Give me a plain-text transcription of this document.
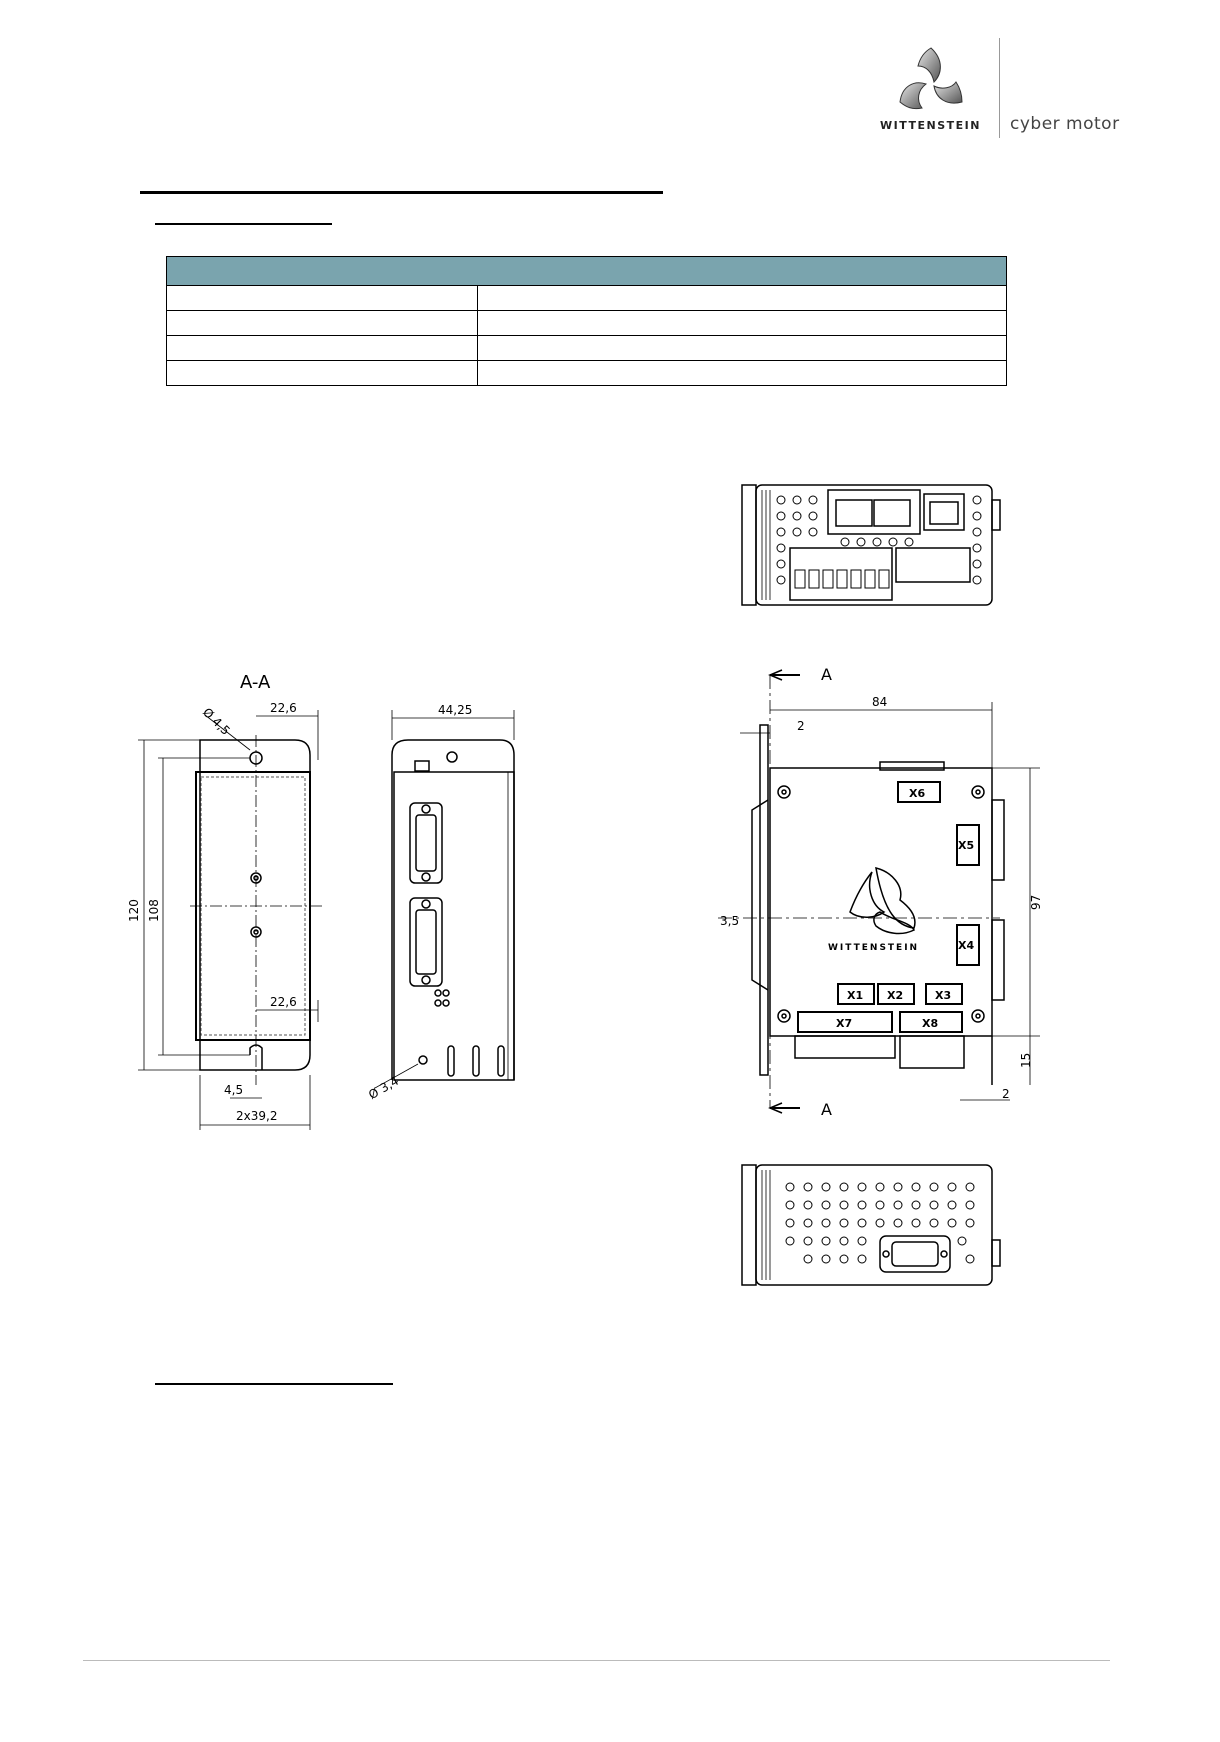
WITTENSTEIN cyber motor

A-A
Ø 4,5	22,6
22,6
120 108
4,5
2x39,2
44,25
Ø 3,4
A
A
84
2
3,5
97
15
2
X6
X5
X4
X1 X2	X3
X7	X8
WITTENSTEIN
